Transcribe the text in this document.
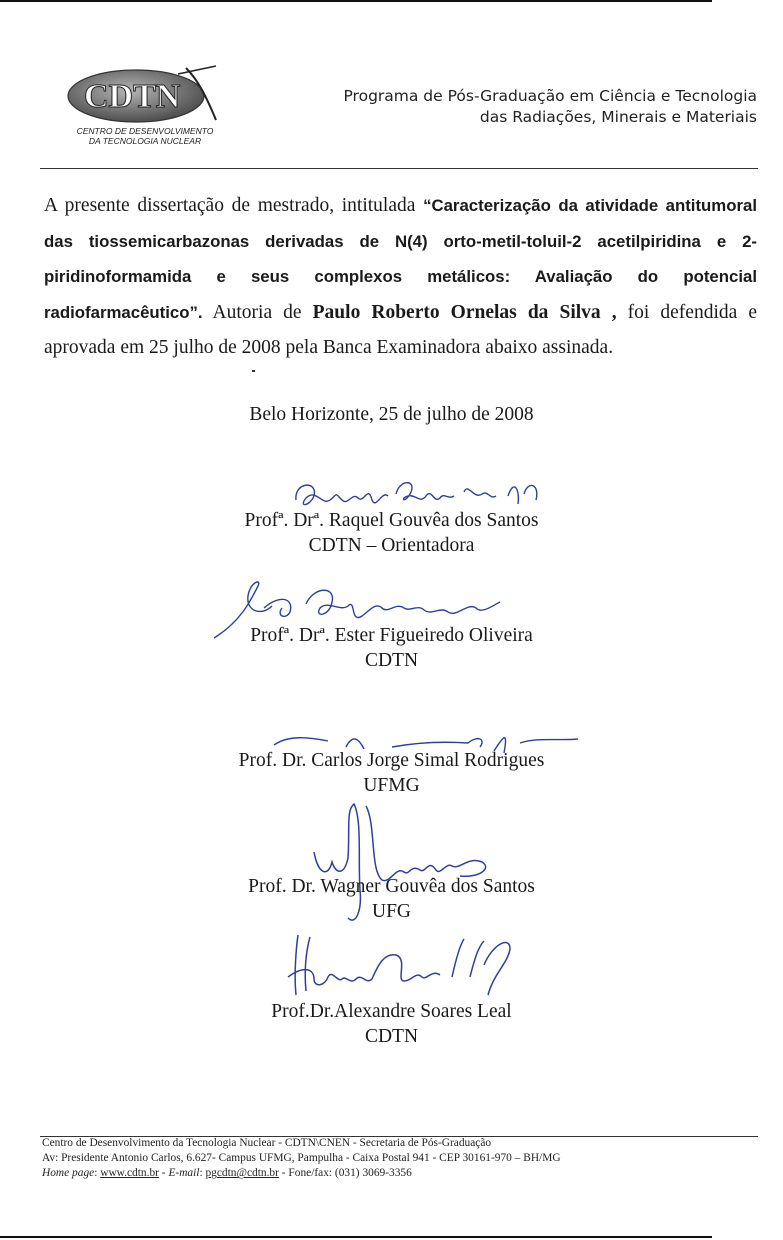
CDTN
CENTRO DE DESENVOLVIMENTO
DA TECNOLOGIA NUCLEAR
Programa de Pós-Graduação em Ciência e Tecnologia
das Radiações, Minerais e Materiais
A presente dissertação de mestrado, intitulada “Caracterização da atividade antitumoral das tiossemicarbazonas derivadas de N(4) orto-metil-toluil-2 acetilpiridina e 2- piridinoformamida e seus complexos metálicos: Avaliação do potencial radiofarmacêutico”. Autoria de Paulo Roberto Ornelas da Silva , foi defendida e aprovada em 25 julho de 2008 pela Banca Examinadora abaixo assinada.
Belo Horizonte, 25 de julho de 2008
Profª. Drª. Raquel Gouvêa dos Santos
CDTN – Orientadora
Profª. Drª. Ester Figueiredo Oliveira
CDTN
Prof. Dr. Carlos Jorge Simal Rodrigues
UFMG
Prof. Dr. Wagner Gouvêa dos Santos
UFG
Prof.Dr.Alexandre Soares Leal
CDTN
Centro de Desenvolvimento da Tecnologia Nuclear - CDTN\CNEN - Secretaria de Pós-Graduação
Av: Presidente Antonio Carlos, 6.627- Campus UFMG, Pampulha - Caixa Postal 941 - CEP 30161-970 – BH/MG
Home page: www.cdtn.br - E-mail: pgcdtn@cdtn.br - Fone/fax: (031) 3069-3356
